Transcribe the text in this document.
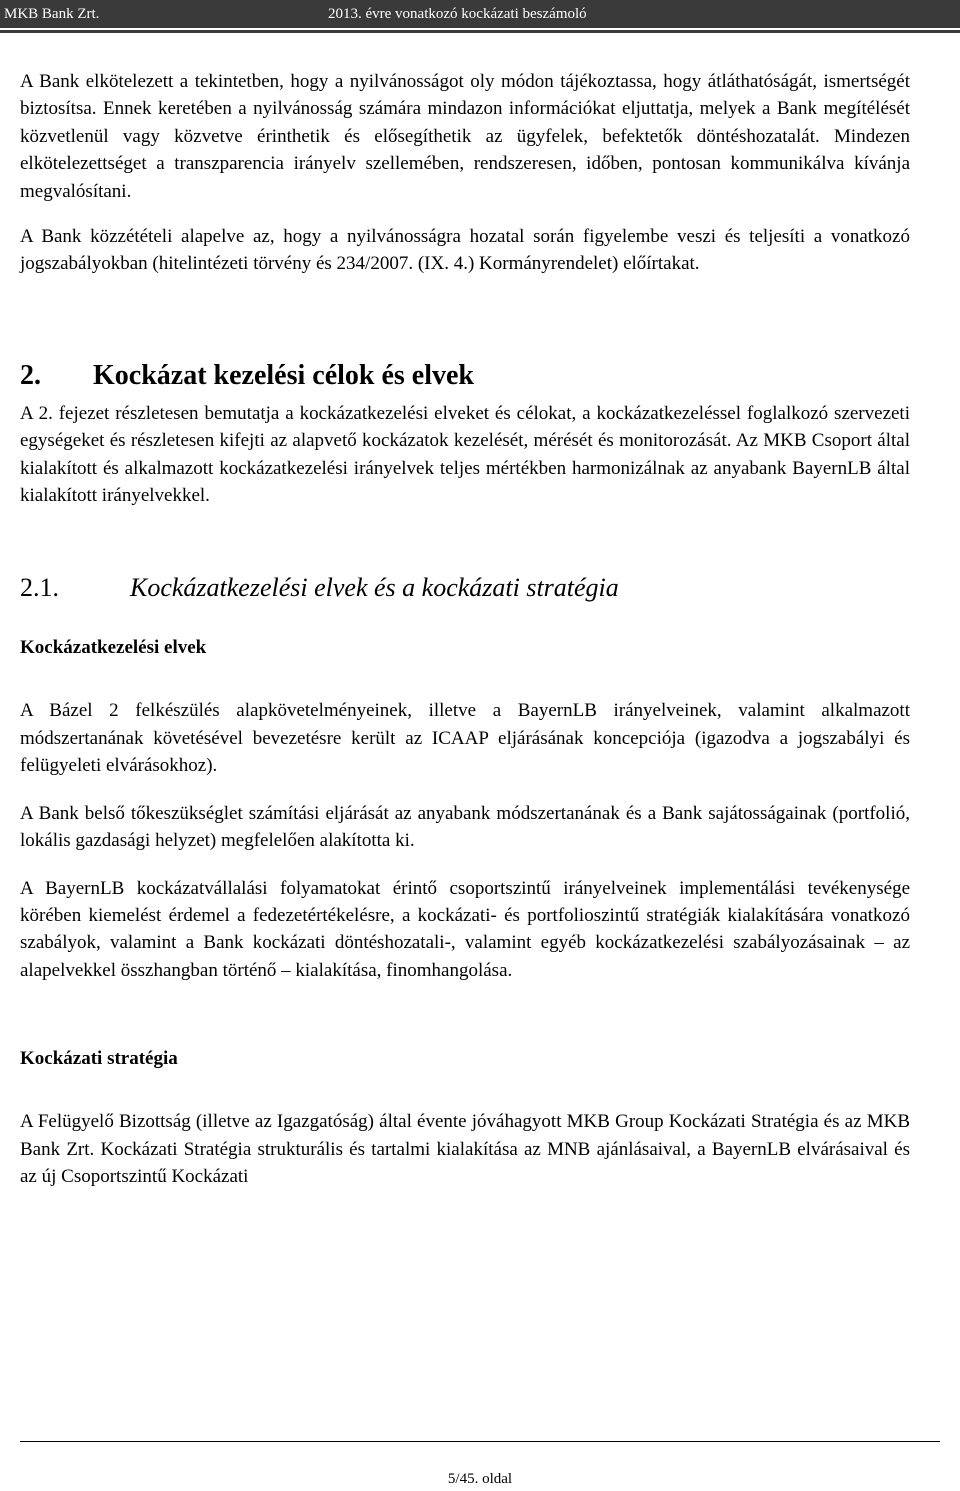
MKB Bank Zrt.	2013. évre vonatkozó kockázati beszámoló

A Bank elkötelezett a tekintetben, hogy a nyilvánosságot oly módon tájékoztassa, hogy átláthatóságát, ismertségét biztosítsa. Ennek keretében a nyilvánosság számára mindazon információkat eljuttatja, melyek a Bank megítélését közvetlenül vagy közvetve érinthetik és elősegíthetik az ügyfelek, befektetők döntéshozatalát. Mindezen elkötelezettséget a transzparencia irányelv szellemében, rendszeresen, időben, pontosan kommunikálva kívánja megvalósítani.

A Bank közzétételi alapelve az, hogy a nyilvánosságra hozatal során figyelembe veszi és teljesíti a vonatkozó jogszabályokban (hitelintézeti törvény és 234/2007. (IX. 4.) Kormányrendelet) előírtakat.

2.	Kockázat kezelési célok és elvek

A 2. fejezet részletesen bemutatja a kockázatkezelési elveket és célokat, a kockázatkezeléssel foglalkozó szervezeti egységeket és részletesen kifejti az alapvető kockázatok kezelését, mérését és monitorozását. Az MKB Csoport által kialakított és alkalmazott kockázatkezelési irányelvek teljes mértékben harmonizálnak az anyabank BayernLB által kialakított irányelvekkel.

2.1.	Kockázatkezelési elvek és a kockázati stratégia
Kockázatkezelési elvek

A Bázel 2 felkészülés alapkövetelményeinek, illetve a BayernLB irányelveinek, valamint alkalmazott módszertanának követésével bevezetésre került az ICAAP eljárásának koncepciója (igazodva a jogszabályi és felügyeleti elvárásokhoz).

A Bank belső tőkeszükséglet számítási eljárását az anyabank módszertanának és a Bank sajátosságainak (portfolió, lokális gazdasági helyzet) megfelelően alakította ki.

A BayernLB kockázatvállalási folyamatokat érintő csoportszintű irányelveinek implementálási tevékenysége körében kiemelést érdemel a fedezetértékelésre, a kockázati- és portfolioszintű stratégiák kialakítására vonatkozó szabályok, valamint a Bank kockázati döntéshozatali-, valamint egyéb kockázatkezelési szabályozásainak – az alapelvekkel összhangban történő – kialakítása, finomhangolása.

Kockázati stratégia

A Felügyelő Bizottság (illetve az Igazgatóság) által évente jóváhagyott MKB Group Kockázati Stratégia és az MKB Bank Zrt. Kockázati Stratégia strukturális és tartalmi kialakítása az MNB ajánlásaival, a BayernLB elvárásaival és az új Csoportszintű Kockázati

5/45. oldal
